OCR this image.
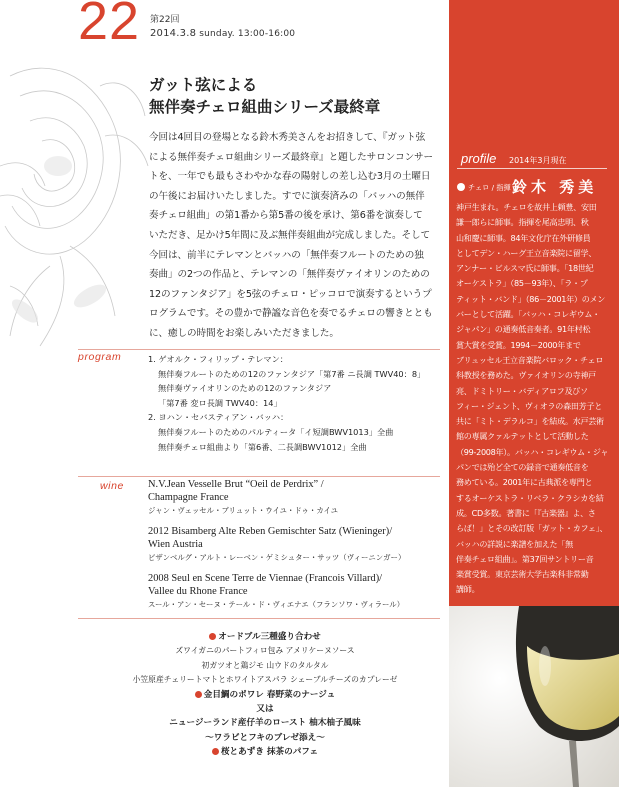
22 第22回
2014.3.8 sunday. 13:00-16:00
ガット弦による
無伴奏チェロ組曲シリーズ最終章
今回は4回目の登場となる鈴木秀美さんをお招きして、『ガット弦
による無伴奏チェロ組曲シリーズ最終章』と題したサロンコンサー
トを、一年でも最もさわやかな春の陽射しの差し込む3月の土曜日
の午後にお届けいたしました。すでに演奏済みの「バッハの無伴
奏チェロ組曲」の第1番から第5番の後を承け、第6番を演奏して
いただき、足かけ5年間に及ぶ無伴奏組曲が完成しました。そして
今回は、前半にテレマンとバッハの「無伴奏フルートのための独
奏曲」の2つの作品と、テレマンの「無伴奏ヴァイオリンのための
12のファンタジア」を5弦のチェロ・ピッコロで演奏するというプ
ログラムです。その豊かで静謐な音色を奏でるチェロの響きととも
に、癒しの時間をお楽しみいただきました。
program	1. ゲオルク・フィリップ・テレマン：
無伴奏フルートのための12のファンタジア「第7番 ニ長調 TWV40：8」
無伴奏ヴァイオリンのための12のファンタジア
「第7番 変ロ長調 TWV40：14」
2. ヨハン・セバスティアン・バッハ：
無伴奏フルートのためのパルティータ「イ短調BWV1013」全曲
無伴奏チェロ組曲より「第6番、二長調BWV1012」全曲
wine N.V.Jean Vesselle Brut “Oeil de Perdrix” /
Champagne France
ジャン・ヴェッセル・ブリュット・ウイユ・ドゥ・カイユ
2012 Bisamberg Alte Reben Gemischter Satz (Wieninger)/
Wien Austria
ビザンベルグ・アルト・レーベン・ゲミシュター・サッツ（ヴィーニンガー）
2008 Seul en Scene Terre de Viennae (Francois Villard)/
Vallee du Rhone France
スール・アン・セーヌ・テール・ド・ヴィエナエ（フランソワ・ヴィラール）
オードブル三種盛り合わせ
ズワイガニのパートフィロ包み アメリケーヌソース
初ガツオと鶏ジモ 山ウドのタルタル
小笠原産チェリートマトとホワイトアスパラ シェーブルチーズのカプレーゼ
金目鯛のポワレ 春野菜のナージュ
又は
ニュージーランド産仔羊のロースト 柚木柚子風味
〜ワラビとフキのブレゼ添え〜
桜とあずき 抹茶のパフェ
profile 2014年3月現在
チェロ / 指揮 鈴木 秀美
神戸生まれ。チェロを故井上頼豊、安田
謙一郎らに師事。指揮を尾高忠明、秋
山和慶に師事。84年文化庁在外研修員
としてデン・ハーグ王立音楽院に留学、
アンナー・ビルスマ氏に師事。「18世紀
オーケストラ」（85－93年）、「ラ・プ
ティット・バンド」（86－2001年）のメン
バーとして活躍。「バッハ・コレギウム・
ジャパン」の通奏低音奏者。91年村松
賞大賞を受賞。1994－2000年まで
ブリュッセル王立音楽院バロック・チェロ
科教授を務めた。ヴァイオリンの寺神戸
亮、ドミトリー・バディアロフ及びソ
フィー・ジェント、ヴィオラの森田芳子と
共に「ミト・デラルコ」を結成。水戸芸術
館の専属クァルテットとして活動した
（99-2008年）。バッハ・コレギウム・ジャ
パンでは殆ど全ての録音で通奏低音を
務めている。2001年に古典派を専門と
するオーケストラ・リベラ・クラシカを結
成。CD多数。著書に「『古楽器』よ、さ
らば！」とその改訂版「ガット・カフェ」、
バッハの詳説に楽譜を加えた「無
伴奏チェロ組曲」。第37回サントリー音
楽賞受賞。東京芸術大学古楽科非常勤
講師。
